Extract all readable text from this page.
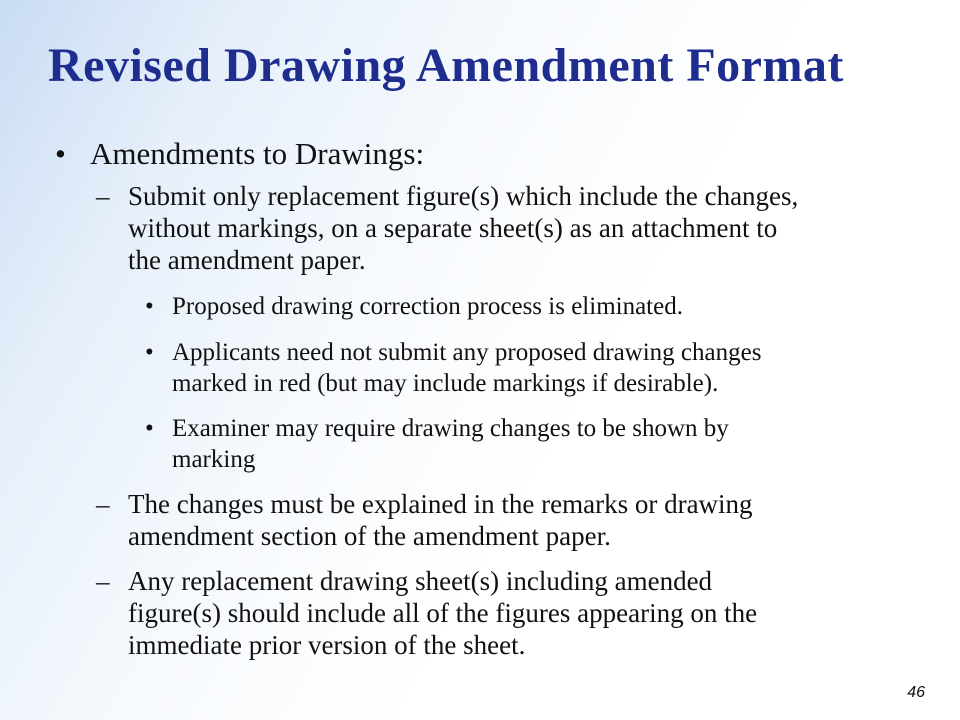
Revised Drawing Amendment Format
• Amendments to Drawings:
– Submit only replacement figure(s) which include the changes,
without markings, on a separate sheet(s) as an attachment to
the amendment paper.
• Proposed drawing correction process is eliminated.
• Applicants need not submit any proposed drawing changes
marked in red (but may include markings if desirable).
• Examiner may require drawing changes to be shown by
marking
– The changes must be explained in the remarks or drawing
amendment section of the amendment paper.
– Any replacement drawing sheet(s) including amended
figure(s) should include all of the figures appearing on the
immediate prior version of the sheet.
46
